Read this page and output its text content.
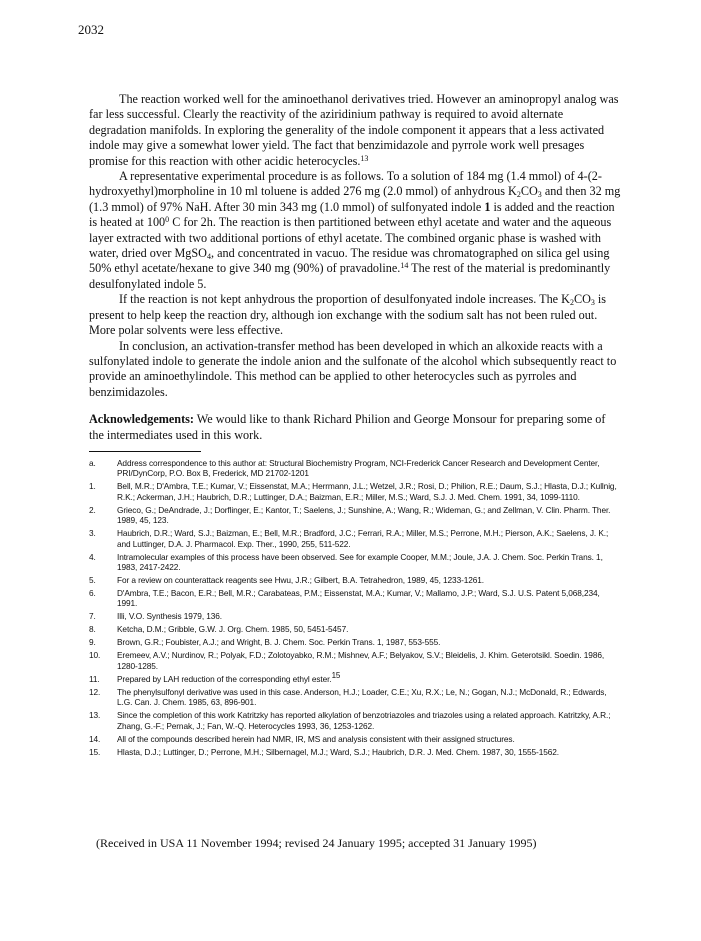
2032

The reaction worked well for the aminoethanol derivatives tried. However an aminopropyl analog was far less successful. Clearly the reactivity of the aziridinium pathway is required to avoid alternate degradation manifolds. In exploring the generality of the indole component it appears that a less activated indole may give a somewhat lower yield. The fact that benzimidazole and pyrrole work well presages promise for this reaction with other acidic heterocycles.$^{13}$

A representative experimental procedure is as follows. To a solution of 184 mg (1.4 mmol) of 4-(2-hydroxyethyl)morpholine in 10 ml toluene is added 276 mg (2.0 mmol) of anhydrous $K_2CO_3$ and then 32 mg (1.3 mmol) of 97% NaH. After 30 min 343 mg (1.0 mmol) of sulfonyated indole 1 is added and the reaction is heated at $100^0$ C for 2h. The reaction is then partitioned between ethyl acetate and water and the aqueous layer extracted with two additional portions of ethyl acetate. The combined organic phase is washed with water, dried over MgSO$_4$, and concentrated in vacuo. The residue was chromatographed on silica gel using 50% ethyl acetate/hexane to give 340 mg (90%) of pravadoline.$^{14}$ The rest of the material is predominantly desulfonylated indole 5.

If the reaction is not kept anhydrous the proportion of desulfonyated indole increases. The $K_2CO_3$ is present to help keep the reaction dry, although ion exchange with the sodium salt has not been ruled out. More polar solvents were less effective.

In conclusion, an activation-transfer method has been developed in which an alkoxide reacts with a sulfonylated indole to generate the indole anion and the sulfonate of the alcohol which subsequently react to provide an aminoethylindole. This method can be applied to other heterocycles such as pyrroles and benzimidazoles.

Acknowledgements: We would like to thank Richard Philion and George Monsour for preparing some of the intermediates used in this work.

a.	Address correspondence to this author at: Structural Biochemistry Program, NCI-Frederick Cancer Research and Development Center, PRI/DynCorp, P.O. Box B, Frederick, MD 21702-1201
1.	Bell, M.R.; D'Ambra, T.E.; Kumar, V.; Eissenstat, M.A.; Herrmann, J.L.; Wetzel, J.R.; Rosi, D.; Philion, R.E.; Daum, S.J.; Hlasta, D.J.; Kullnig, R.K.; Ackerman, J.H.; Haubrich, D.R.; Luttinger, D.A.; Baizman, E.R.; Miller, M.S.; Ward, S.J. J. Med. Chem. 1991, 34, 1099-1110.
2.	Grieco, G.; DeAndrade, J.; Dorflinger, E.; Kantor, T.; Saelens, J.; Sunshine, A.; Wang, R.; Wideman, G.; and Zellman, V. Clin. Pharm. Ther. 1989, 45, 123.
3.	Haubrich, D.R.; Ward, S.J.; Baizman, E.; Bell, M.R.; Bradford, J.C.; Ferrari, R.A.; Miller, M.S.; Perrone, M.H.; Pierson, A.K.; Saelens, J. K.; and Luttinger, D.A. J. Pharmacol. Exp. Ther., 1990, 255, 511-522.
4.	Intramolecular examples of this process have been observed. See for example Cooper, M.M.; Joule, J.A. J. Chem. Soc. Perkin Trans. 1, 1983, 2417-2422.
5.	For a review on counterattack reagents see Hwu, J.R.; Gilbert, B.A. Tetrahedron, 1989, 45, 1233-1261.
6.	D'Ambra, T.E.; Bacon, E.R.; Bell, M.R.; Carabateas, P.M.; Eissenstat, M.A.; Kumar, V.; Mallamo, J.P.; Ward, S.J. U.S. Patent 5,068,234, 1991.
7.	Illi, V.O. Synthesis 1979, 136.
8.	Ketcha, D.M.; Gribble, G.W. J. Org. Chem. 1985, 50, 5451-5457.
9.	Brown, G.R.; Foubister, A.J.; and Wright, B. J. Chem. Soc. Perkin Trans. 1, 1987, 553-555.
10.	Eremeev, A.V.; Nurdinov, R.; Polyak, F.D.; Zolotoyabko, R.M.; Mishnev, A.F.; Belyakov, S.V.; Bleidelis, J. Khim. Geterotsikl. Soedin. 1986, 1280-1285.
11.	Prepared by LAH reduction of the corresponding ethyl ester.$^{15}$
12.	The phenylsulfonyl derivative was used in this case. Anderson, H.J.; Loader, C.E.; Xu, R.X.; Le, N.; Gogan, N.J.; McDonald, R.; Edwards, L.G. Can. J. Chem. 1985, 63, 896-901.
13.	Since the completion of this work Katritzky has reported alkylation of benzotriazoles and triazoles using a related approach. Katritzky, A.R.; Zhang, G.-F.; Pernak, J.; Fan, W.-Q. Heterocycles 1993, 36, 1253-1262.
14.	All of the compounds described herein had NMR, IR, MS and analysis consistent with their assigned structures.
15.	Hlasta, D.J.; Luttinger, D.; Perrone, M.H.; Silbernagel, M.J.; Ward, S.J.; Haubrich, D.R. J. Med. Chem. 1987, 30, 1555-1562.
(Received in USA 11 November 1994; revised 24 January 1995; accepted 31 January 1995)
